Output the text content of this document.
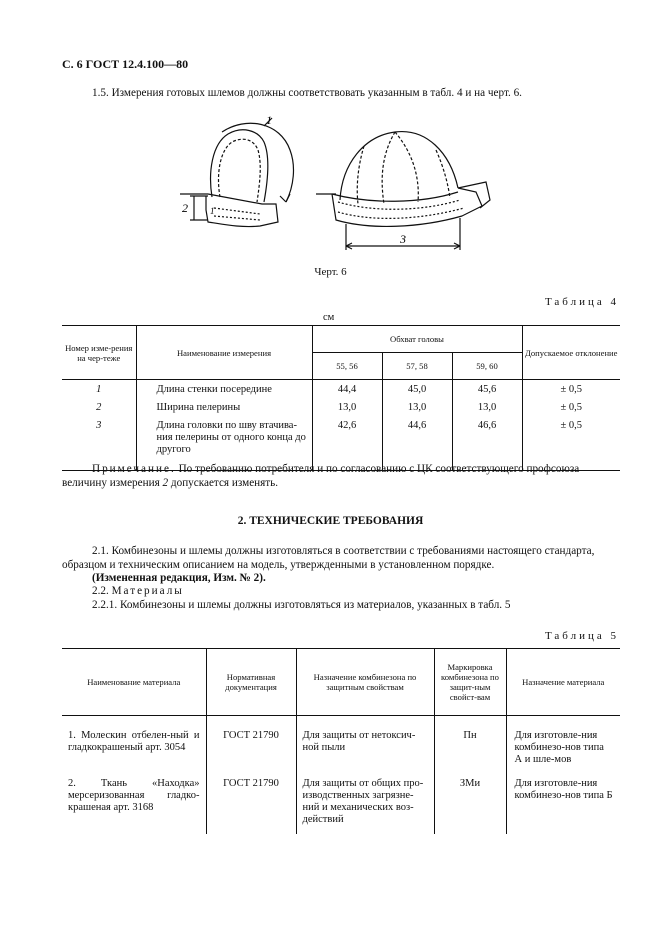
С. 6 ГОСТ 12.4.100—80
1.5. Измерения готовых шлемов должны соответствовать указанным в табл. 4 и на черт. 6.
1
2
3
1
Черт. 6
Таблица 4
см
Номер изме-рения на чер-теже	Наименование измерения	Обхват головы			Допускаемое отклонение
		55, 56	57, 58	59, 60	
1	Длина стенки посередине	44,4	45,0	45,6	± 0,5
2	Ширина пелерины	13,0	13,0	13,0	± 0,5
3	Длина головки по шву втачива-ния пелерины от одного конца до другого	42,6	44,6	46,6	± 0,5
Примечание. По требованию потребителя и по согласованию с ЦК соответствующего профсоюза величину измерения 2 допускается изменять.
2. ТЕХНИЧЕСКИЕ ТРЕБОВАНИЯ
2.1. Комбинезоны и шлемы должны изготовляться в соответствии с требованиями настоящего стандарта, образцом и техническим описанием на модель, утвержденными в установленном порядке.
(Измененная редакция, Изм. № 2).
2.2. Материалы
2.2.1. Комбинезоны и шлемы должны изготовляться из материалов, указанных в табл. 5
Таблица 5
Наименование материала	Нормативная документация	Назначение комбинезона по защитным свойствам	Маркировка комбинезона по защит-ным свойст-вам	Назначение материала
1. Молескин отбелен-ный и гладкокрашеный арт. 3054	ГОСТ 21790	Для защиты от нетоксич-ной пыли	Пн	Для изготовле-ния комбинезо-нов типа А и шле-мов
2. Ткань «Находка» мерсеризованная гладко-крашеная арт. 3168	ГОСТ 21790	Для защиты от общих про-изводственных загрязне-ний и механических воз-действий	ЗМи	Для изготовле-ния комбинезо-нов типа Б
